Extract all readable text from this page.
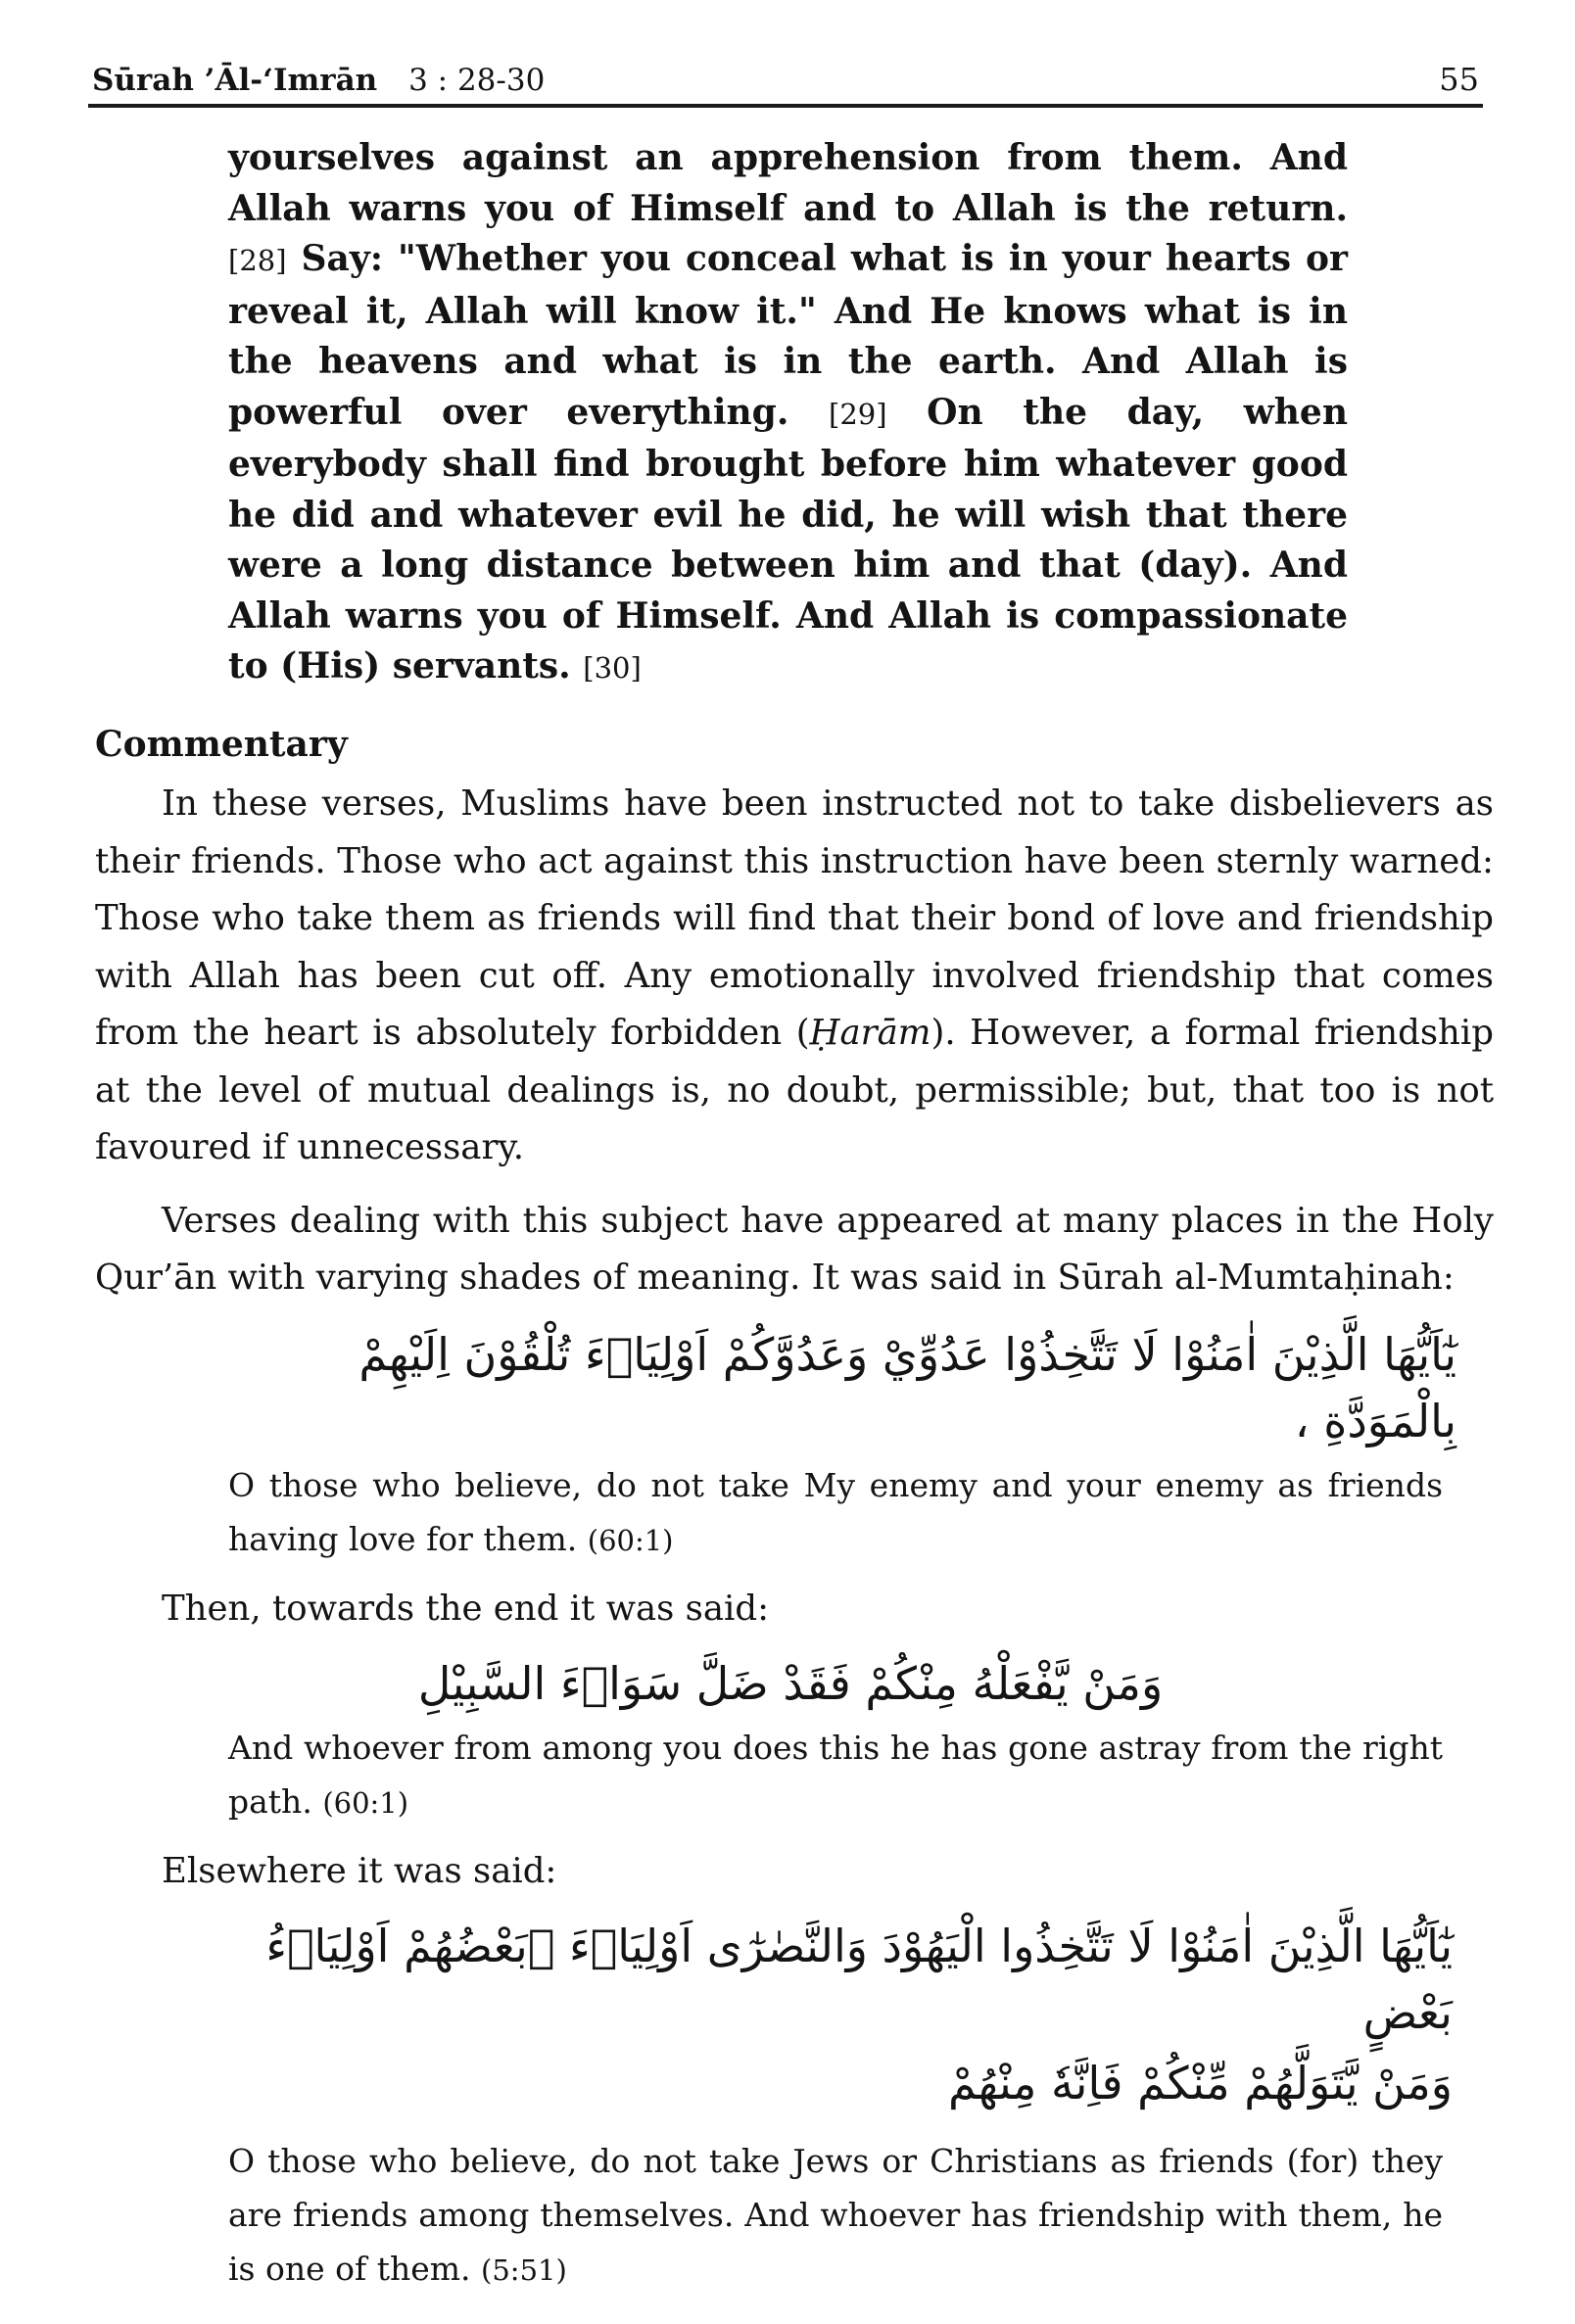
Sūrah ’Āl-‘Imrān 3 : 28-30	55
yourselves against an apprehension from them. And Allah warns you of Himself and to Allah is the return. [28] Say: "Whether you conceal what is in your hearts or reveal it, Allah will know it." And He knows what is in the heavens and what is in the earth. And Allah is powerful over everything. [29] On the day, when everybody shall find brought before him whatever good he did and whatever evil he did, he will wish that there were a long distance between him and that (day). And Allah warns you of Himself. And Allah is compassionate to (His) servants. [30]
Commentary

In these verses, Muslims have been instructed not to take disbelievers as their friends. Those who act against this instruction have been sternly warned: Those who take them as friends will find that their bond of love and friendship with Allah has been cut off. Any emotionally involved friendship that comes from the heart is absolutely forbidden (Ḥarām). However, a formal friendship at the level of mutual dealings is, no doubt, permissible; but, that too is not favoured if unnecessary.

Verses dealing with this subject have appeared at many places in the Holy Qur’ān with varying shades of meaning. It was said in Sūrah al-Mumtaḥinah:

يٰٓاَيُّهَا الَّذِيْنَ اٰمَنُوْا لَا تَتَّخِذُوْا عَدُوِّيْ وَعَدُوَّكُمْ اَوْلِيَاۗءَ تُلْقُوْنَ اِلَيْهِمْ بِالْمَوَدَّةِ ،

O those who believe, do not take My enemy and your enemy as friends having love for them. (60:1)

Then, towards the end it was said:

وَمَنْ يَّفْعَلْهُ مِنْكُمْ فَقَدْ ضَلَّ سَوَاۗءَ السَّبِيْلِ

And whoever from among you does this he has gone astray from the right path. (60:1)

Elsewhere it was said:

يٰٓاَيُّهَا الَّذِيْنَ اٰمَنُوْا لَا تَتَّخِذُوا الْيَهُوْدَ وَالنَّصٰرٰٓى اَوْلِيَاۗءَ ۘبَعْضُهُمْ اَوْلِيَاۗءُ بَعْضٍ
وَمَنْ يَّتَوَلَّهُمْ مِّنْكُمْ فَاِنَّهٗ مِنْهُمْ

O those who believe, do not take Jews or Christians as friends (for) they are friends among themselves. And whoever has friendship with them, he is one of them. (5:51)
